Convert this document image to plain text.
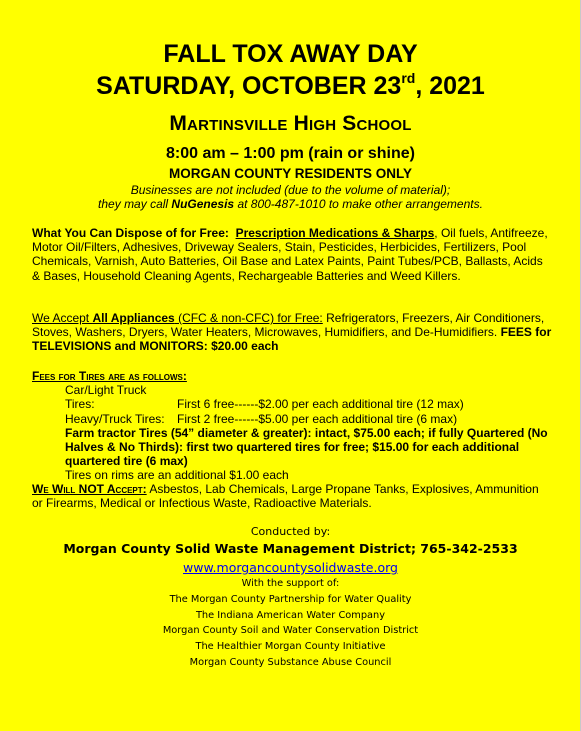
FALL TOX AWAY DAY
SATURDAY, OCTOBER 23rd, 2021
Martinsville High School
8:00 am – 1:00 pm (rain or shine)
MORGAN COUNTY RESIDENTS ONLY
Businesses are not included (due to the volume of material);
they may call NuGenesis at 800-487-1010 to make other arrangements.
What You Can Dispose of for Free: Prescription Medications & Sharps, Oil fuels, Antifreeze, Motor Oil/Filters, Adhesives, Driveway Sealers, Stain, Pesticides, Herbicides, Fertilizers, Pool Chemicals, Varnish, Auto Batteries, Oil Base and Latex Paints, Paint Tubes/PCB, Ballasts, Acids & Bases, Household Cleaning Agents, Rechargeable Batteries and Weed Killers.
We Accept All Appliances (CFC & non-CFC) for Free: Refrigerators, Freezers, Air Conditioners, Stoves, Washers, Dryers, Water Heaters, Microwaves, Humidifiers, and De-Humidifiers. FEES for TELEVISIONS and MONITORS: $20.00 each
Fees for Tires are as follows:
Car/Light Truck Tires:	First 6 free------$2.00 per each additional tire (12 max)
Heavy/Truck Tires: First 2 free------$5.00 per each additional tire (6 max)
Farm tractor Tires (54” diameter & greater): intact, $75.00 each; if fully Quartered (No Halves & No Thirds): first two quartered tires for free; $15.00 for each additional quartered tire (6 max)
Tires on rims are an additional $1.00 each
We Will NOT Accept: Asbestos, Lab Chemicals, Large Propane Tanks, Explosives, Ammunition or Firearms, Medical or Infectious Waste, Radioactive Materials.
Conducted by:
Morgan County Solid Waste Management District; 765-342-2533
www.morgancountysolidwaste.org
With the support of:
The Morgan County Partnership for Water Quality
The Indiana American Water Company
Morgan County Soil and Water Conservation District
The Healthier Morgan County Initiative
Morgan County Substance Abuse Council
